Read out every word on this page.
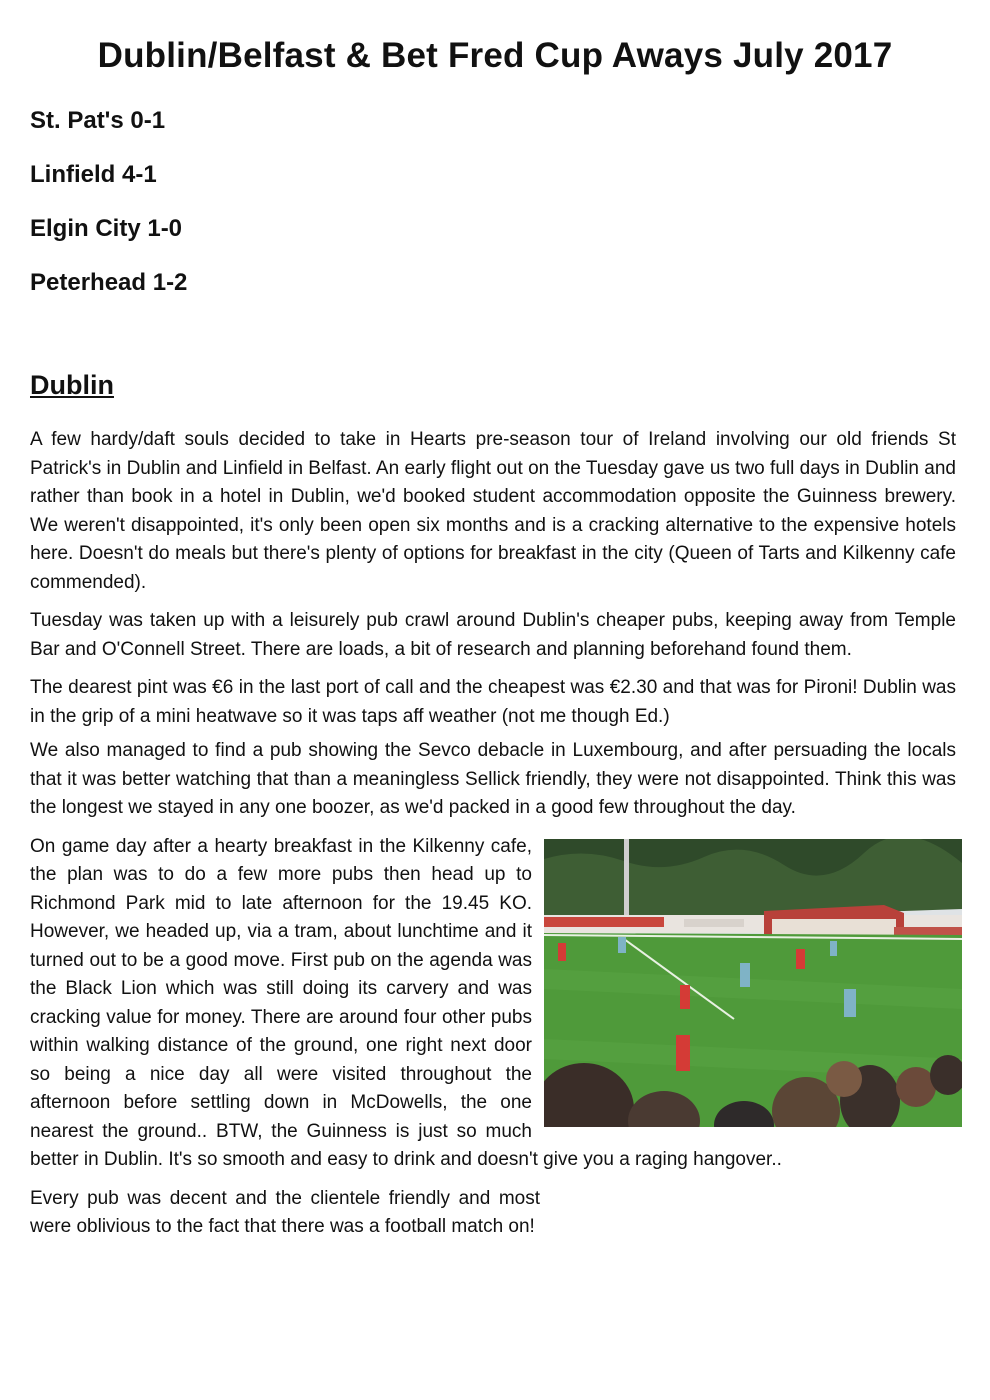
Dublin/Belfast & Bet Fred Cup Aways July 2017
St. Pat's 0-1
Linfield 4-1
Elgin City 1-0
Peterhead 1-2
Dublin

A few hardy/daft souls decided to take in Hearts pre-season tour of Ireland involving our old friends St Patrick's in Dublin and Linfield in Belfast. An early flight out on the Tuesday gave us two full days in Dublin and rather than book in a hotel in Dublin, we'd booked student accommodation opposite the Guinness brewery. We weren't disappointed, it's only been open six months and is a cracking alternative to the expensive hotels here. Doesn't do meals but there's plenty of options for breakfast in the city (Queen of Tarts and Kilkenny cafe commended).

Tuesday was taken up with a leisurely pub crawl around Dublin's cheaper pubs, keeping away from Temple Bar and O'Connell Street. There are loads, a bit of research and planning beforehand found them.

The dearest pint was €6 in the last port of call and the cheapest was €2.30 and that was for Pironi! Dublin was in the grip of a mini heatwave so it was taps aff weather (not me though Ed.)

We also managed to find a pub showing the Sevco debacle in Luxembourg, and after persuading the locals that it was better watching that than a meaningless Sellick friendly, they were not disappointed. Think this was the longest we stayed in any one boozer, as we'd packed in a good few throughout the day.

On game day after a hearty breakfast in the Kilkenny cafe, the plan was to do a few more pubs then head up to Richmond Park mid to late afternoon for the 19.45 KO. However, we headed up, via a tram, about lunchtime and it turned out to be a good move. First pub on the agenda was the Black Lion which was still doing its carvery and was cracking value for money. There are around four other pubs within walking distance of the ground, one right next door so being a nice day all were visited throughout the afternoon before settling down in McDowells, the one nearest the ground.. BTW, the Guinness is just so much better in Dublin. It's so smooth and easy to drink and doesn't give you a raging hangover..

Every pub was decent and the clientele friendly and most were oblivious to the fact that there was a football match on!
